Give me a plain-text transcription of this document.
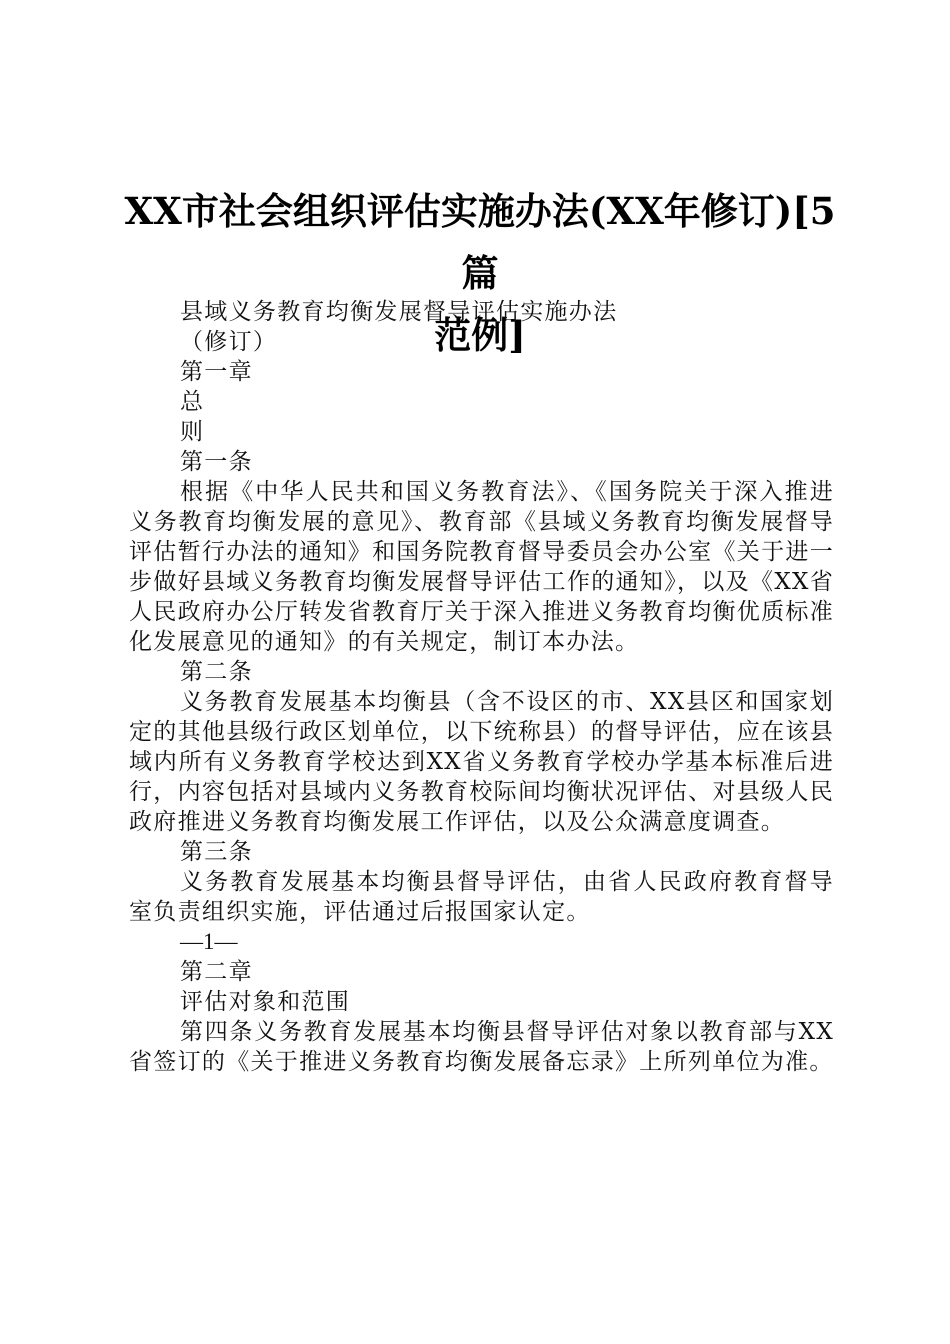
XX市社会组织评估实施办法(XX年修订)[5篇
范例]

县域义务教育均衡发展督导评估实施办法

（修订）

第一章

总

则

第一条

根据《中华人民共和国义务教育法》、《国务院关于深入推进义务教育均衡发展的意见》、教育部《县域义务教育均衡发展督导评估暂行办法的通知》和国务院教育督导委员会办公室《关于进一步做好县域义务教育均衡发展督导评估工作的通知》，以及《XX省人民政府办公厅转发省教育厅关于深入推进义务教育均衡优质标准化发展意见的通知》的有关规定，制订本办法。

第二条

义务教育发展基本均衡县（含不设区的市、XX县区和国家划定的其他县级行政区划单位，以下统称县）的督导评估，应在该县域内所有义务教育学校达到XX省义务教育学校办学基本标准后进行，内容包括对县域内义务教育校际间均衡状况评估、对县级人民政府推进义务教育均衡发展工作评估，以及公众满意度调查。

第三条

义务教育发展基本均衡县督导评估，由省人民政府教育督导室负责组织实施，评估通过后报国家认定。

—1—

第二章

评估对象和范围

第四条义务教育发展基本均衡县督导评估对象以教育部与XX省签订的《关于推进义务教育均衡发展备忘录》上所列单位为准。
